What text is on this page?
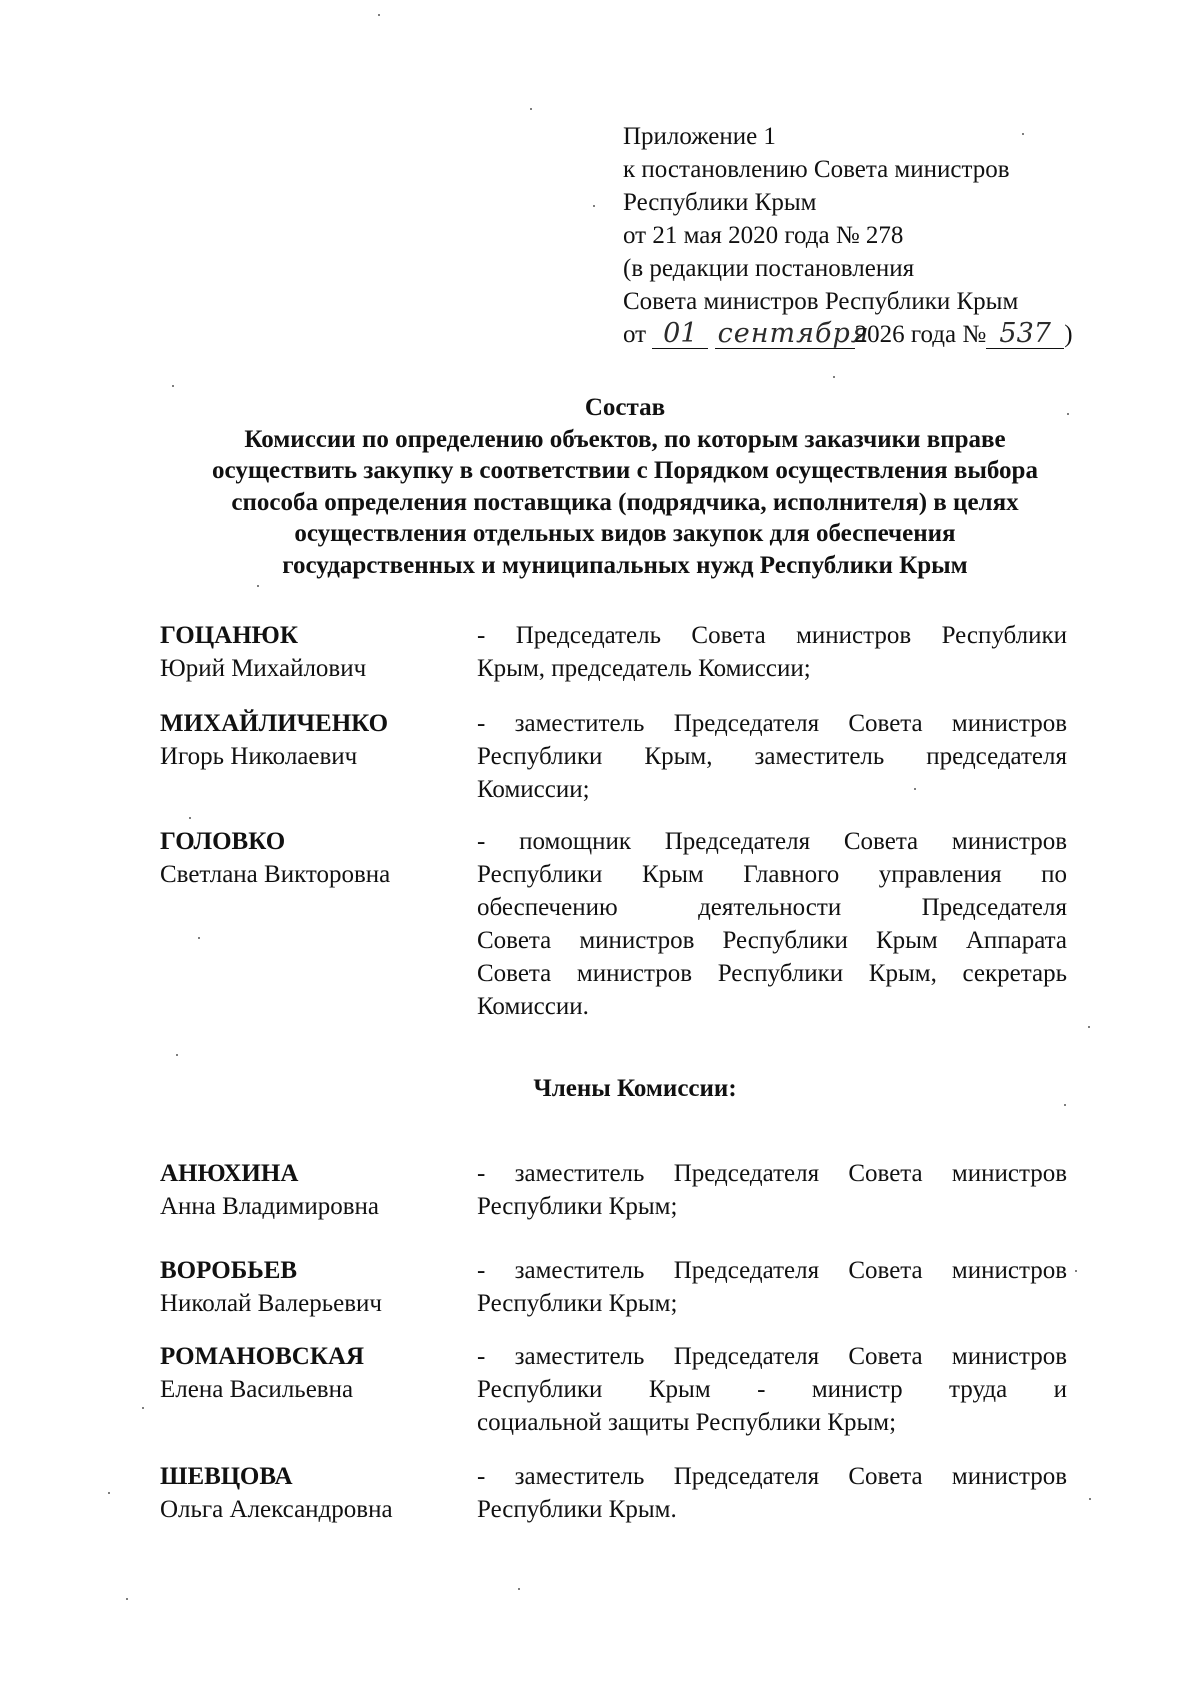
Приложение 1
к постановлению Совета министров
Республики Крым
от 21 мая 2020 года № 278
(в редакции постановления
Совета министров Республики Крым
от 01 сентября2026 года № 537 )
Состав
Комиссии по определению объектов, по которым заказчики вправе
осуществить закупку в соответствии с Порядком осуществления выбора
способа определения поставщика (подрядчика, исполнителя) в целях
осуществления отдельных видов закупок для обеспечения
государственных и муниципальных нужд Республики Крым
ГОЦАНЮК
Юрий Михайлович
- Председатель Совета министров Республики
Крым, председатель Комиссии;
МИХАЙЛИЧЕНКО
Игорь Николаевич
- заместитель Председателя Совета министров
Республики Крым, заместитель председателя
Комиссии;
ГОЛОВКО
Светлана Викторовна
- помощник Председателя Совета министров
Республики Крым Главного управления по
обеспечению деятельности Председателя
Совета министров Республики Крым Аппарата
Совета министров Республики Крым, секретарь
Комиссии.
Члены Комиссии:
АНЮХИНА
Анна Владимировна
- заместитель Председателя Совета министров
Республики Крым;
ВОРОБЬЕВ
Николай Валерьевич
- заместитель Председателя Совета министров
Республики Крым;
РОМАНОВСКАЯ
Елена Васильевна
- заместитель Председателя Совета министров
Республики Крым - министр труда и
социальной защиты Республики Крым;
ШЕВЦОВА
Ольга Александровна
- заместитель Председателя Совета министров
Республики Крым.
